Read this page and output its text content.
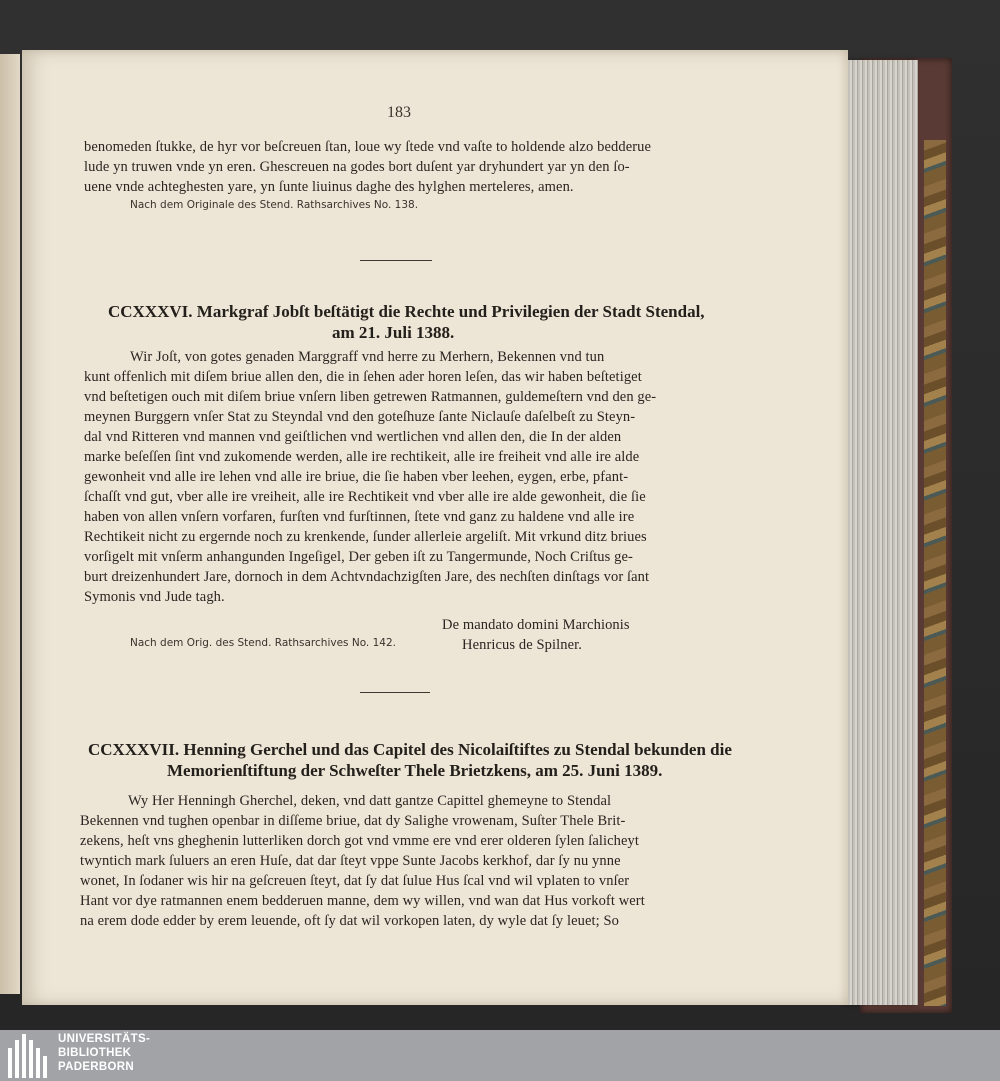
183
benomeden ſtukke, de hyr vor beſcreuen ſtan, loue wy ſtede vnd vaſte to holdende alzo bedderue
lude yn truwen vnde yn eren. Ghescreuen na godes bort duſent yar dryhundert yar yn den ſo-
uene vnde achteghesten yare, yn ſunte liuinus daghe des hylghen merteleres, amen.
Nach dem Originale des Stend. Rathsarchives No. 138.
CCXXXVI. Markgraf Jobſt beſtätigt die Rechte und Privilegien der Stadt Stendal,
am 21. Juli 1388.
Wir Joſt, von gotes genaden Marggraff vnd herre zu Merhern, Bekennen vnd tun
kunt offenlich mit diſem briue allen den, die in ſehen ader horen leſen, das wir haben beſtetiget
vnd beſtetigen ouch mit diſem briue vnſern liben getrewen Ratmannen, guldemeſtern vnd den ge-
meynen Burggern vnſer Stat zu Steyndal vnd den goteſhuze ſante Niclauſe daſelbeſt zu Steyn-
dal vnd Ritteren vnd mannen vnd geiſtlichen vnd wertlichen vnd allen den, die In der alden
marke beſeſſen ſint vnd zukomende werden, alle ire rechtikeit, alle ire freiheit vnd alle ire alde
gewonheit vnd alle ire lehen vnd alle ire briue, die ſie haben vber leehen, eygen, erbe, pfant-
ſchaſſt vnd gut, vber alle ire vreiheit, alle ire Rechtikeit vnd vber alle ire alde gewonheit, die ſie
haben von allen vnſern vorfaren, furſten vnd furſtinnen, ſtete vnd ganz zu haldene vnd alle ire
Rechtikeit nicht zu ergernde noch zu krenkende, ſunder allerleie argeliſt. Mit vrkund ditz briues
vorſigelt mit vnſerm anhangunden Ingeſigel, Der geben iſt zu Tangermunde, Noch Criſtus ge-
burt dreizenhundert Jare, dornoch in dem Achtvndachzigſten Jare, des nechſten dinſtags vor ſant
Symonis vnd Jude tagh.
De mandato domini Marchionis
Henricus de Spilner.
Nach dem Orig. des Stend. Rathsarchives No. 142.
CCXXXVII. Henning Gerchel und das Capitel des Nicolaiſtiftes zu Stendal bekunden die
Memorienſtiftung der Schweſter Thele Brietzkens, am 25. Juni 1389.
Wy Her Henningh Gherchel, deken, vnd datt gantze Capittel ghemeyne to Stendal
Bekennen vnd tughen openbar in diſſeme briue, dat dy Salighe vrowenam, Suſter Thele Brit-
zekens, heſt vns gheghenin lutterliken dorch got vnd vmme ere vnd erer olderen ſylen ſalicheyt
twyntich mark ſuluers an eren Huſe, dat dar ſteyt vppe Sunte Jacobs kerkhof, dar ſy nu ynne
wonet, In ſodaner wis hir na geſcreuen ſteyt, dat ſy dat ſulue Hus ſcal vnd wil vplaten to vnſer
Hant vor dye ratmannen enem bedderuen manne, dem wy willen, vnd wan dat Hus vorkoft wert
na erem dode edder by erem leuende, oft ſy dat wil vorkopen laten, dy wyle dat ſy leuet; So
UNIVERSITÄTS-
BIBLIOTHEK
PADERBORN
